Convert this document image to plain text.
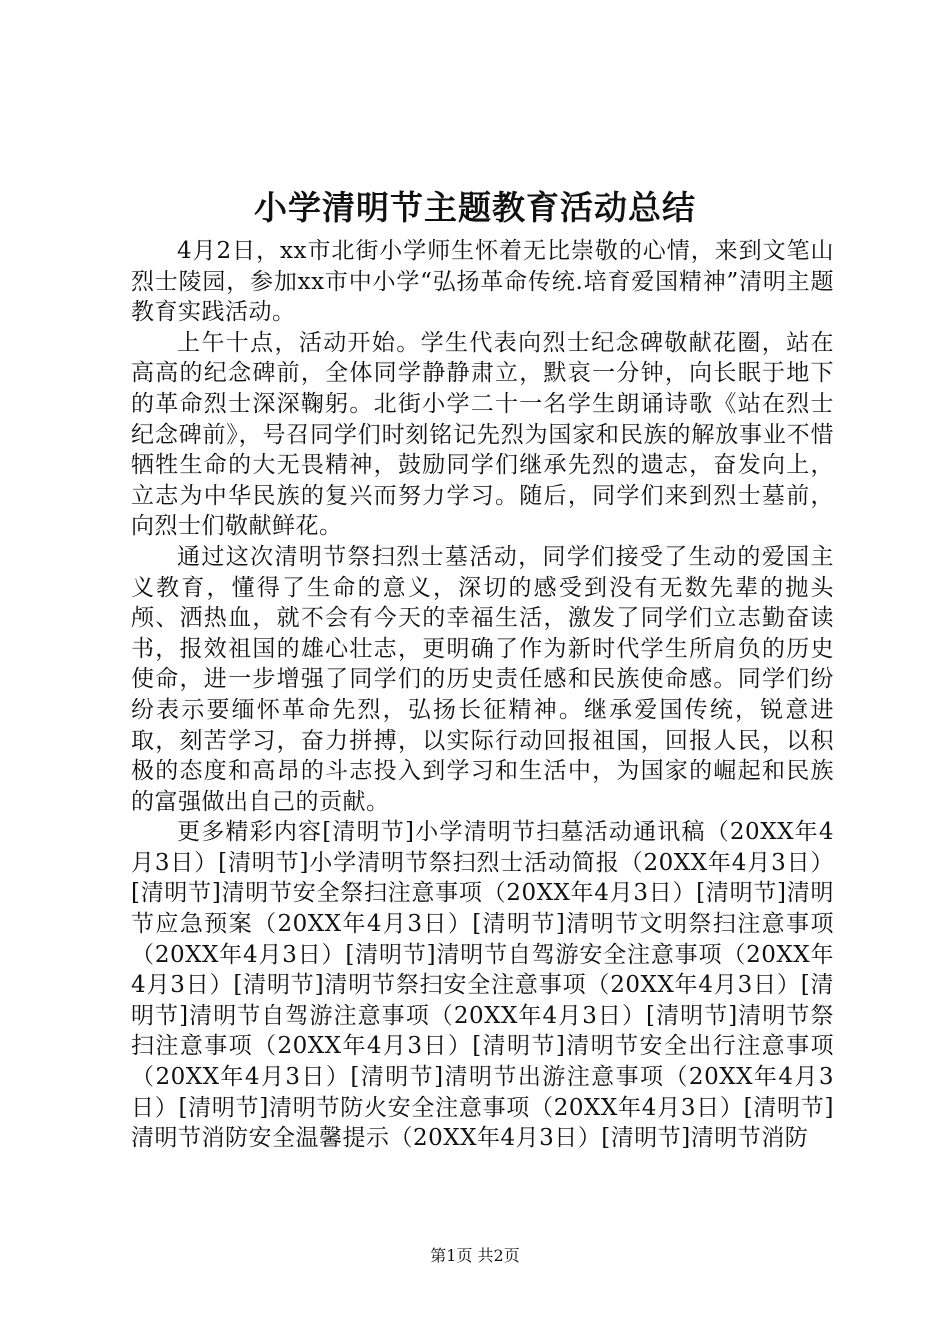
小学清明节主题教育活动总结

4月2日，xx市北街小学师生怀着无比崇敬的心情，来到文笔山烈士陵园，参加xx市中小学“弘扬革命传统.培育爱国精神”清明主题教育实践活动。

上午十点，活动开始。学生代表向烈士纪念碑敬献花圈，站在高高的纪念碑前，全体同学静静肃立，默哀一分钟，向长眠于地下的革命烈士深深鞠躬。北街小学二十一名学生朗诵诗歌《站在烈士纪念碑前》，号召同学们时刻铭记先烈为国家和民族的解放事业不惜牺牲生命的大无畏精神，鼓励同学们继承先烈的遗志，奋发向上，立志为中华民族的复兴而努力学习。随后，同学们来到烈士墓前，向烈士们敬献鲜花。

通过这次清明节祭扫烈士墓活动，同学们接受了生动的爱国主义教育，懂得了生命的意义，深切的感受到没有无数先辈的抛头颅、洒热血，就不会有今天的幸福生活，激发了同学们立志勤奋读书，报效祖国的雄心壮志，更明确了作为新时代学生所肩负的历史使命，进一步增强了同学们的历史责任感和民族使命感。同学们纷纷表示要缅怀革命先烈，弘扬长征精神。继承爱国传统，锐意进取，刻苦学习，奋力拼搏，以实际行动回报祖国，回报人民，以积极的态度和高昂的斗志投入到学习和生活中，为国家的崛起和民族的富强做出自己的贡献。

更多精彩内容[清明节]小学清明节扫墓活动通讯稿（20XX年4月3日）[清明节]小学清明节祭扫烈士活动简报（20XX年4月3日）[清明节]清明节安全祭扫注意事项（20XX年4月3日）[清明节]清明节应急预案（20XX年4月3日）[清明节]清明节文明祭扫注意事项（20XX年4月3日）[清明节]清明节自驾游安全注意事项（20XX年4月3日）[清明节]清明节祭扫安全注意事项（20XX年4月3日）[清明节]清明节自驾游注意事项（20XX年4月3日）[清明节]清明节祭扫注意事项（20XX年4月3日）[清明节]清明节安全出行注意事项（20XX年4月3日）[清明节]清明节出游注意事项（20XX年4月3日）[清明节]清明节防火安全注意事项（20XX年4月3日）[清明节]清明节消防安全温馨提示（20XX年4月3日）[清明节]清明节消防

第1页 共2页
